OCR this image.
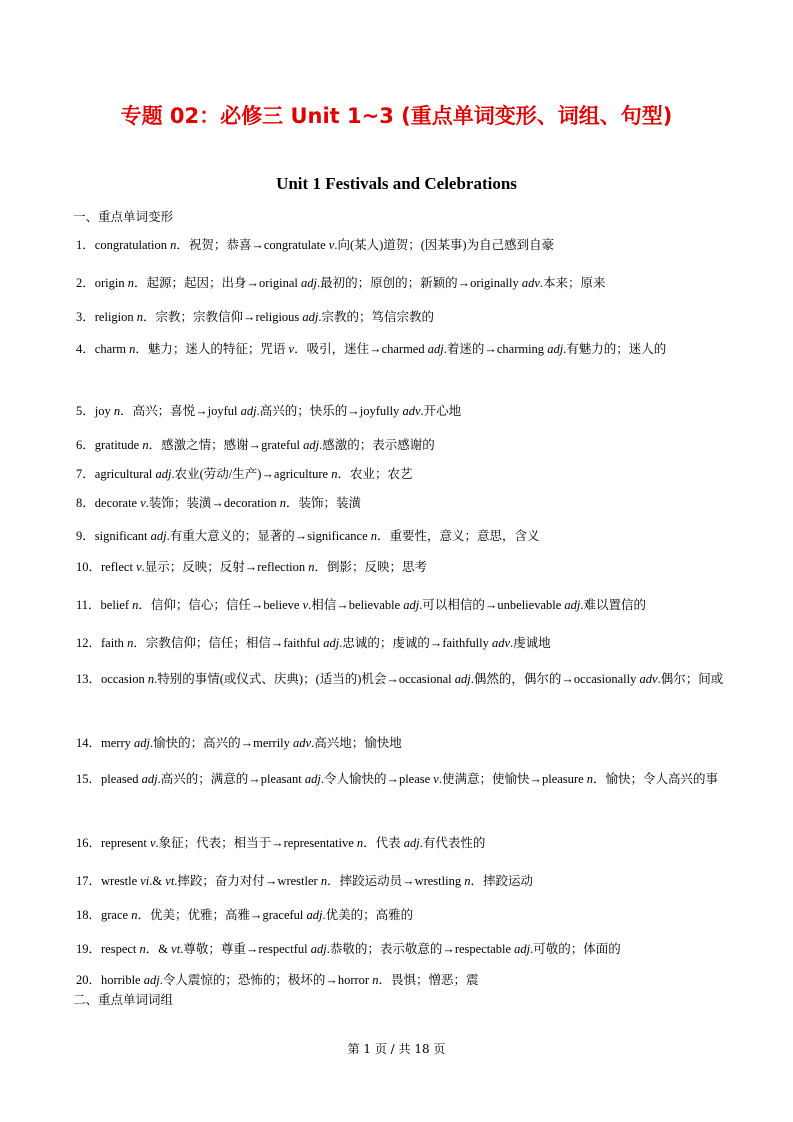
专题 02：必修三 Unit 1~3 (重点单词变形、词组、句型)
Unit 1 Festivals and Celebrations
一、重点单词变形
1．congratulation n．祝贺；恭喜→congratulate v.向(某人)道贺；(因某事)为自己感到自豪
2．origin n．起源；起因；出身→original adj.最初的；原创的；新颖的→originally adv.本来；原来
3．religion n．宗教；宗教信仰→religious adj.宗教的；笃信宗教的
4．charm n．魅力；迷人的特征；咒语 v．吸引，迷住→charmed adj.着迷的→charming adj.有魅力的；迷人的
5．joy n．高兴；喜悦→joyful adj.高兴的；快乐的→joyfully adv.开心地
6．gratitude n．感激之情；感谢→grateful adj.感激的；表示感谢的
7．agricultural adj.农业(劳动/生产)→agriculture n．农业；农艺
8．decorate v.装饰；装潢→decoration n．装饰；装潢
9．significant adj.有重大意义的；显著的→significance n．重要性，意义；意思，含义
10．reflect v.显示；反映；反射→reflection n．倒影；反映；思考
11．belief n．信仰；信心；信任→believe v.相信→believable adj.可以相信的→unbelievable adj.难以置信的
12．faith n．宗教信仰；信任；相信→faithful adj.忠诚的；虔诚的→faithfully adv.虔诚地
13．occasion n.特别的事情(或仪式、庆典)；(适当的)机会→occasional adj.偶然的，偶尔的→occasionally adv.偶尔；间或
14．merry adj.愉快的；高兴的→merrily adv.高兴地；愉快地
15．pleased adj.高兴的；满意的→pleasant adj.令人愉快的→please v.使满意；使愉快→pleasure n．愉快；令人高兴的事
16．represent v.象征；代表；相当于→representative n．代表 adj.有代表性的
17．wrestle vi.& vt.摔跤；奋力对付→wrestler n．摔跤运动员→wrestling n．摔跤运动
18．grace n．优美；优雅；高雅→graceful adj.优美的；高雅的
19．respect n．& vt.尊敬；尊重→respectful adj.恭敬的；表示敬意的→respectable adj.可敬的；体面的
20．horrible adj.令人震惊的；恐怖的；极坏的→horror n．畏惧；憎恶；震
二、重点单词词组
第 1 页 / 共 18 页
